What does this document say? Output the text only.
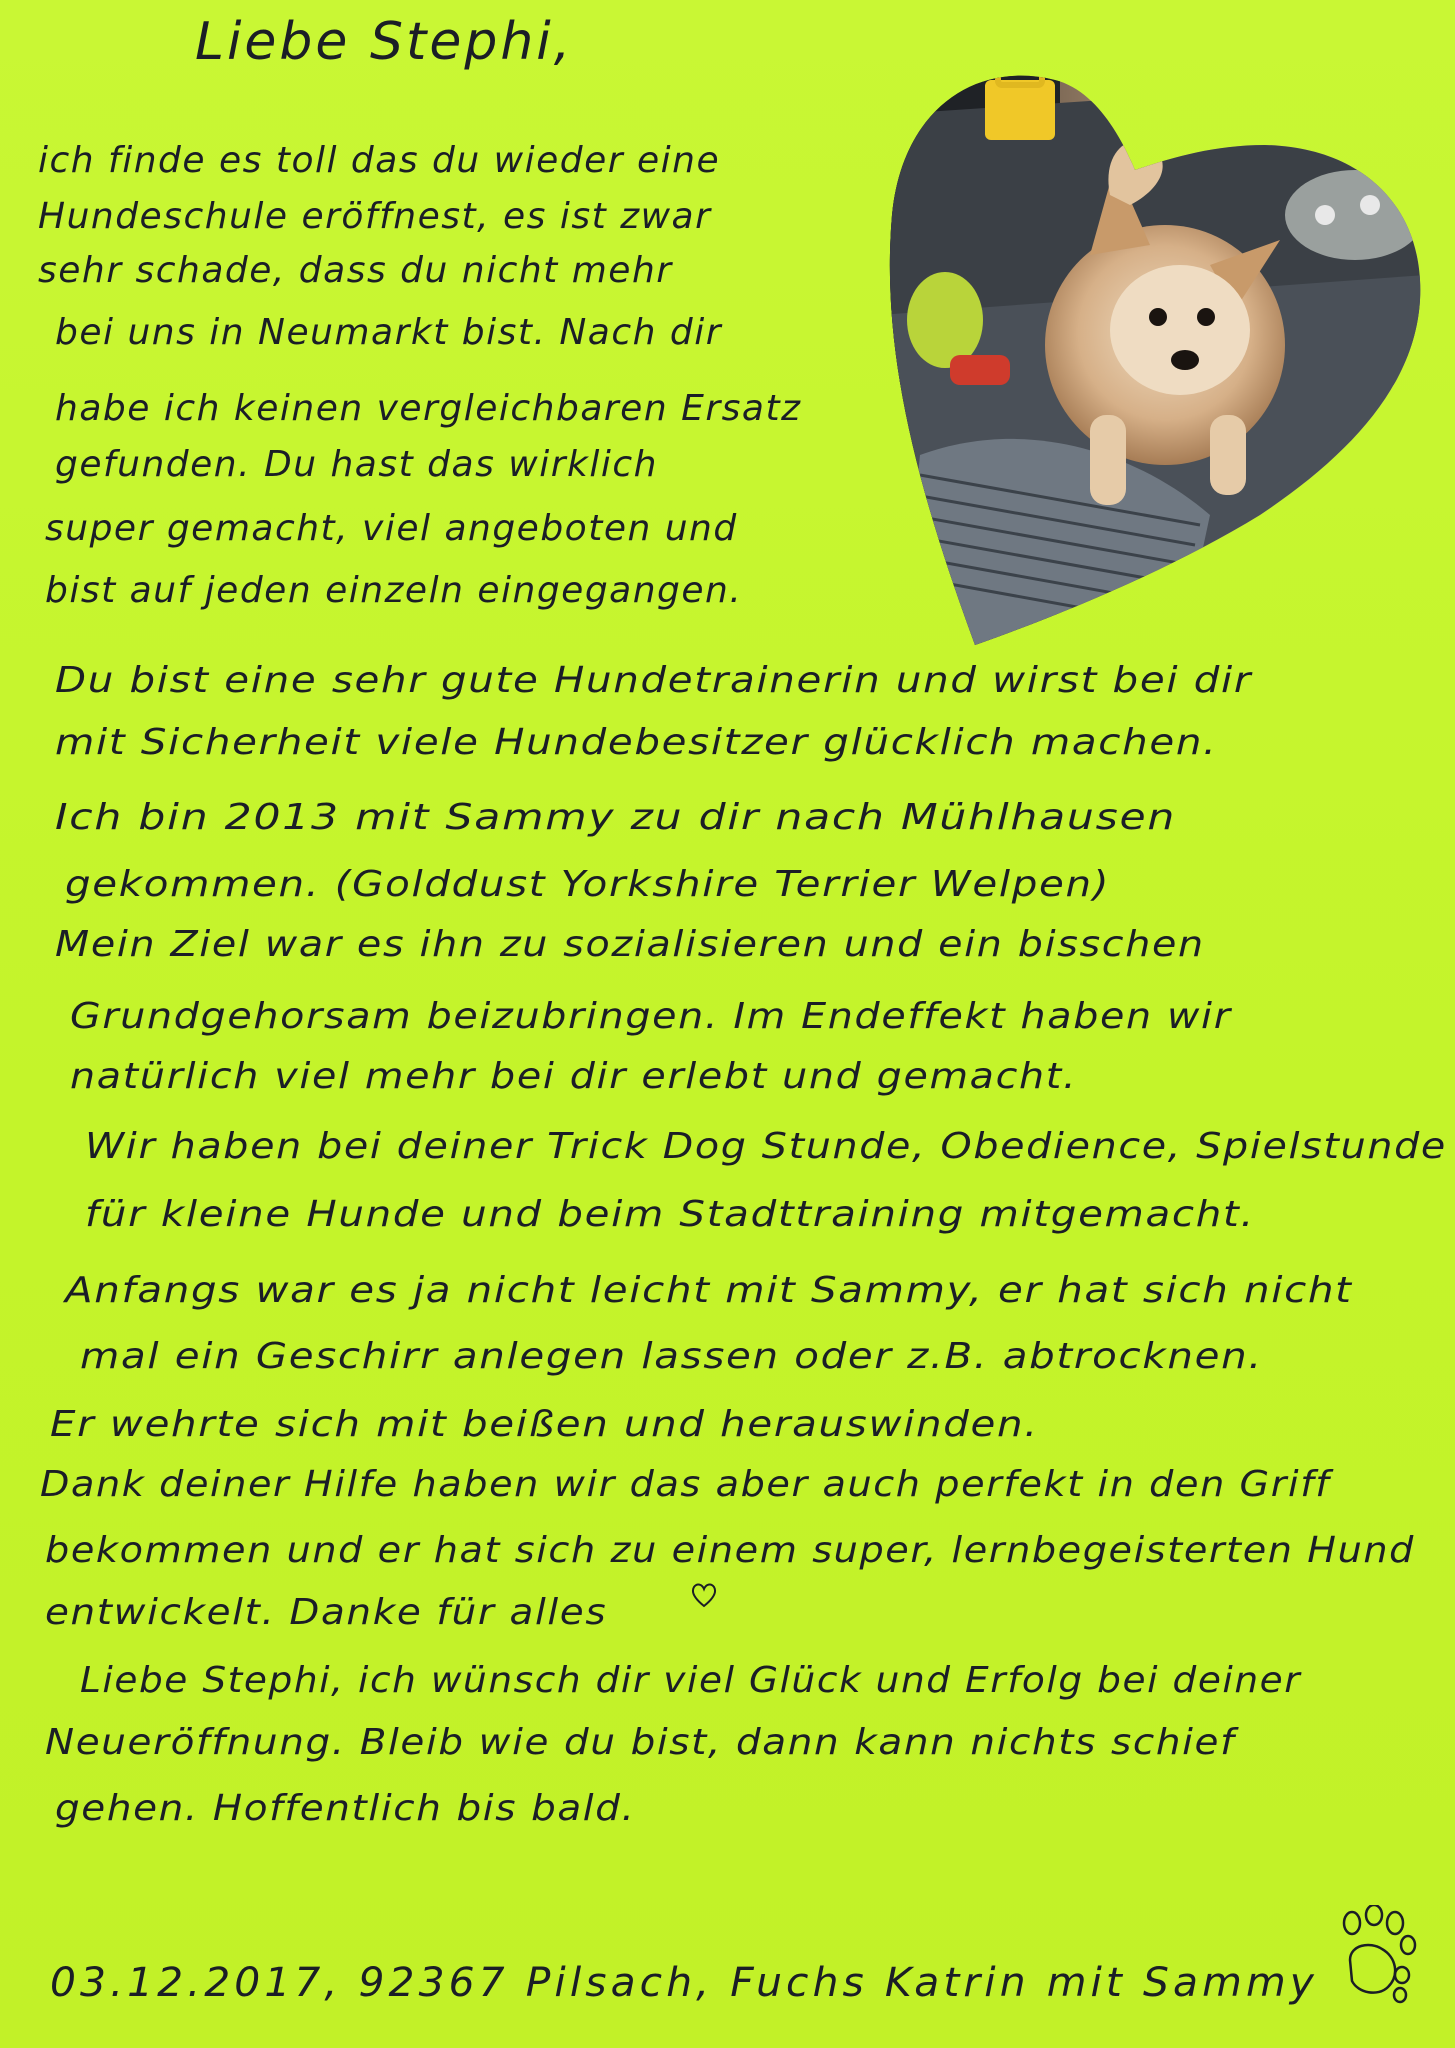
Liebe Stephi,
ich finde es toll das du wieder eine
Hundeschule eröffnest, es ist zwar
sehr schade, dass du nicht mehr
bei uns in Neumarkt bist. Nach dir
habe ich keinen vergleichbaren Ersatz
gefunden. Du hast das wirklich
super gemacht, viel angeboten und
bist auf jeden einzeln eingegangen.
Du bist eine sehr gute Hundetrainerin und wirst bei dir
mit Sicherheit viele Hundebesitzer glücklich machen.
Ich bin 2013 mit Sammy zu dir nach Mühlhausen
gekommen. (Golddust Yorkshire Terrier Welpen)
Mein Ziel war es ihn zu sozialisieren und ein bisschen
Grundgehorsam beizubringen. Im Endeffekt haben wir
natürlich viel mehr bei dir erlebt und gemacht.
Wir haben bei deiner Trick Dog Stunde, Obedience, Spielstunde
für kleine Hunde und beim Stadttraining mitgemacht.
Anfangs war es ja nicht leicht mit Sammy, er hat sich nicht
mal ein Geschirr anlegen lassen oder z.B. abtrocknen.
Er wehrte sich mit beißen und herauswinden.
Dank deiner Hilfe haben wir das aber auch perfekt in den Griff
bekommen und er hat sich zu einem super, lernbegeisterten Hund
entwickelt. Danke für alles
Liebe Stephi, ich wünsch dir viel Glück und Erfolg bei deiner
Neueröffnung. Bleib wie du bist, dann kann nichts schief
gehen. Hoffentlich bis bald.
03.12.2017, 92367 Pilsach, Fuchs Katrin mit Sammy
